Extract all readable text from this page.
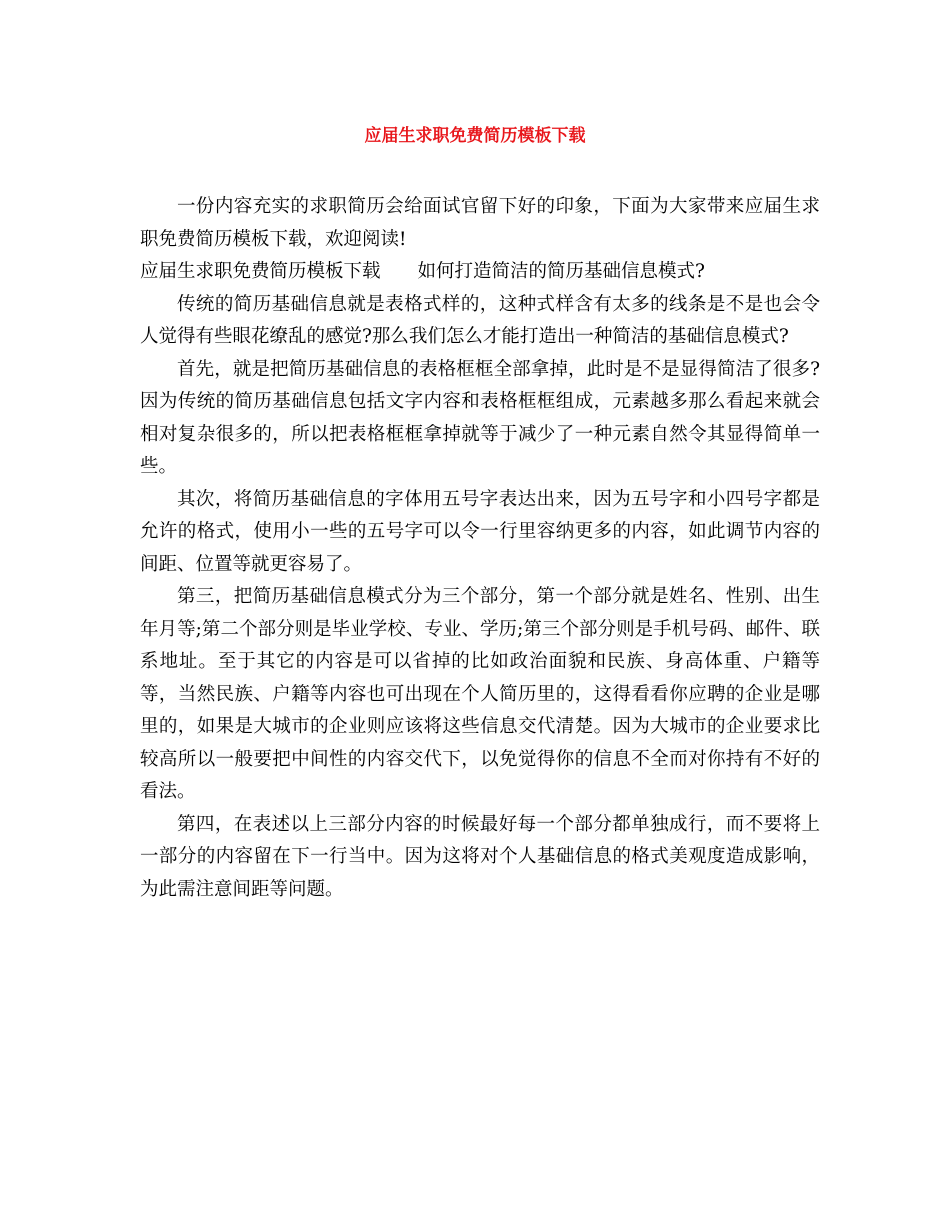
应届生求职免费简历模板下载

一份内容充实的求职简历会给面试官留下好的印象，下面为大家带来应届生求职免费简历模板下载，欢迎阅读!

应届生求职免费简历模板下载 如何打造简洁的简历基础信息模式?

传统的简历基础信息就是表格式样的，这种式样含有太多的线条是不是也会令人觉得有些眼花缭乱的感觉?那么我们怎么才能打造出一种简洁的基础信息模式?

首先，就是把简历基础信息的表格框框全部拿掉，此时是不是显得简洁了很多?因为传统的简历基础信息包括文字内容和表格框框组成，元素越多那么看起来就会相对复杂很多的，所以把表格框框拿掉就等于减少了一种元素自然令其显得简单一些。

其次，将简历基础信息的字体用五号字表达出来，因为五号字和小四号字都是允许的格式，使用小一些的五号字可以令一行里容纳更多的内容，如此调节内容的间距、位置等就更容易了。

第三，把简历基础信息模式分为三个部分，第一个部分就是姓名、性别、出生年月等;第二个部分则是毕业学校、专业、学历;第三个部分则是手机号码、邮件、联系地址。至于其它的内容是可以省掉的比如政治面貌和民族、身高体重、户籍等等，当然民族、户籍等内容也可出现在个人简历里的，这得看看你应聘的企业是哪里的，如果是大城市的企业则应该将这些信息交代清楚。因为大城市的企业要求比较高所以一般要把中间性的内容交代下，以免觉得你的信息不全而对你持有不好的看法。

第四，在表述以上三部分内容的时候最好每一个部分都单独成行，而不要将上一部分的内容留在下一行当中。因为这将对个人基础信息的格式美观度造成影响，为此需注意间距等问题。
